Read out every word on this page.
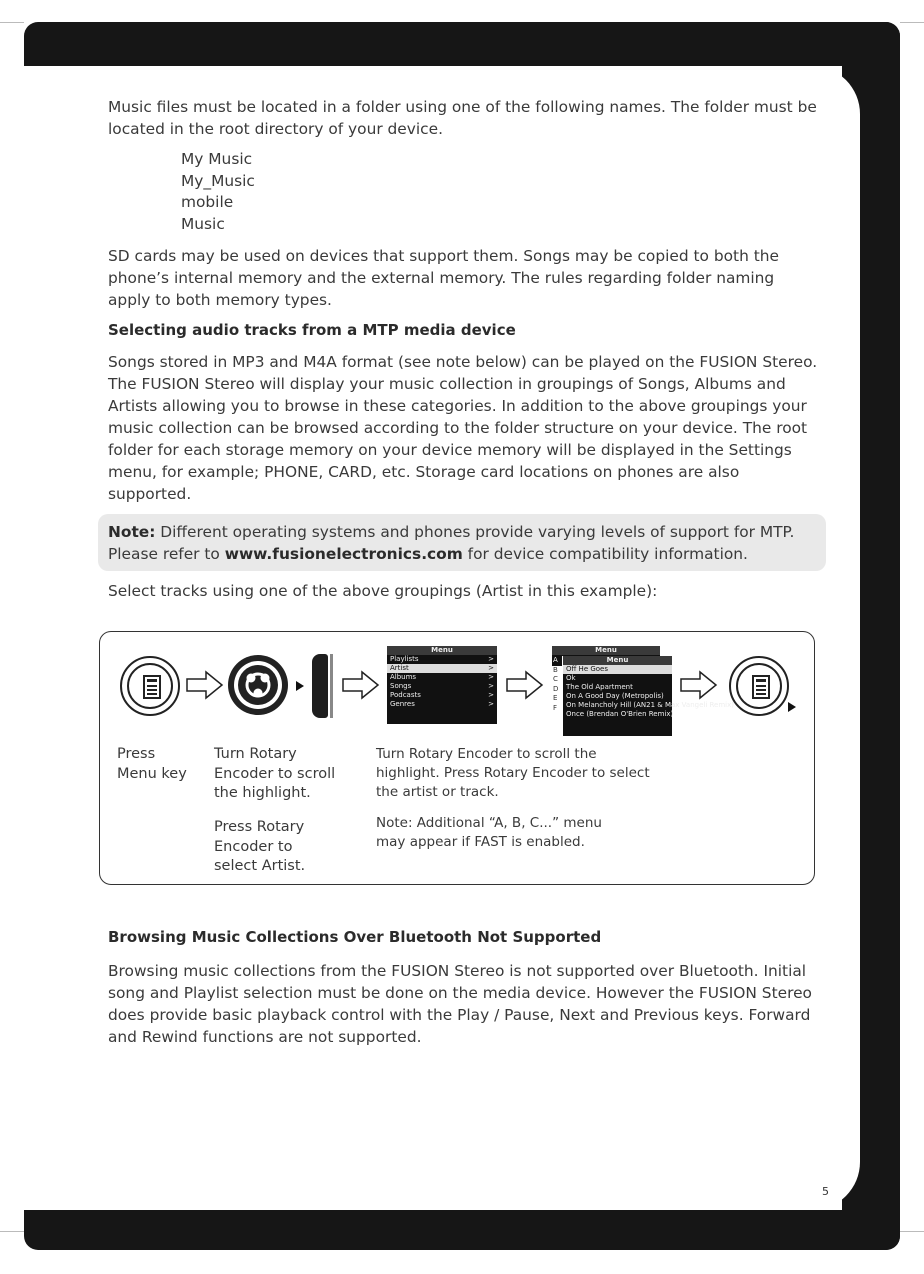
Music files must be located in a folder using one of the following names. The folder must be located in the root directory of your device.

My Music
My_Music
mobile
Music

SD cards may be used on devices that support them. Songs may be copied to both the phone’s internal memory and the external memory. The rules regarding folder naming apply to both memory types.

Selecting audio tracks from a MTP media device

Songs stored in MP3 and M4A format (see note below) can be played on the FUSION Stereo. The FUSION Stereo will display your music collection in groupings of Songs, Albums and Artists allowing you to browse in these categories. In addition to the above groupings your music collection can be browsed according to the folder structure on your device. The root folder for each storage memory on your device memory will be displayed in the Settings menu, for example; PHONE, CARD, etc. Storage card locations on phones are also supported.

Note: Different operating systems and phones provide varying levels of support for MTP. Please refer to www.fusionelectronics.com for device compatibility information.

Select tracks using one of the above groupings (Artist in this example):

Menu
Playlists	>
Artist	>
Albums	>
Songs	>
Podcasts	>
Genres	>
Menu
A
B
C
D
E
F
Menu
Off He Goes
Ok
The Old Apartment
On A Good Day (Metropolis)
On Melancholy Hill (AN21 & Max Vangeli Remix)
Once (Brendan O'Brien Remix)
Press
Menu key
Turn Rotary
Encoder to scroll
the highlight.
Press Rotary
Encoder to
select Artist.
Turn Rotary Encoder to scroll the
highlight. Press Rotary Encoder to select
the artist or track.
Note: Additional “A, B, C...” menu
may appear if FAST is enabled.
Browsing Music Collections Over Bluetooth Not Supported

Browsing music collections from the FUSION Stereo is not supported over Bluetooth. Initial song and Playlist selection must be done on the media device. However the FUSION Stereo does provide basic playback control with the Play / Pause, Next and Previous keys. Forward and Rewind functions are not supported.

5
